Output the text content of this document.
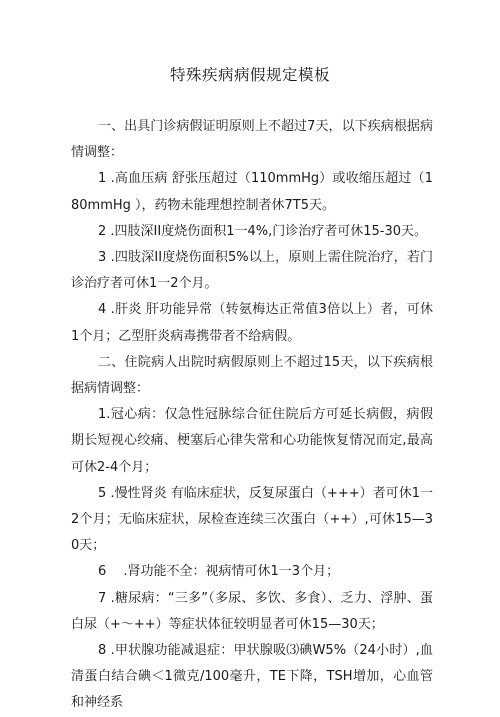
特殊疾病病假规定模板

一、出具门诊病假证明原则上不超过7天，以下疾病根据病情调整：

1 .高血压病 舒张压超过（110mmHg）或收缩压超过（180mmHg ），药物未能理想控制者休7T5天。

2 .四肢深II度烧伤面积1一4%,门诊治疗者可休15-30天。

3 .四肢深II度烧伤面积5%以上，原则上需住院治疗，若门诊治疗者可休1一2个月。

4 .肝炎 肝功能异常（转氨梅达正常值3倍以上）者，可休1个月；乙型肝炎病毒携带者不给病假。

二、住院病人出院时病假原则上不超过15天，以下疾病根据病情调整：

1.冠心病：仅急性冠脉综合征住院后方可延长病假，病假期长短视心绞痛、梗塞后心律失常和心功能恢复情况而定,最高可休2-4个月；

5 .慢性肾炎 有临床症状，反复尿蛋白（+++）者可休1一2个月；无临床症状，尿检查连续三次蛋白（++）,可休15—30天；

6 　.肾功能不全：视病情可休1一3个月；

7 .糖尿病：“三多”（多尿、多饮、多食）、乏力、浮肿、蛋白尿（+〜++）等症状体征较明显者可休15—30天；

8 .甲状腺功能减退症：甲状腺吸⑶碘W5%（24小时）,血清蛋白结合碘＜1微克/100毫升，TE下降，TSH增加，心血管和神经系
